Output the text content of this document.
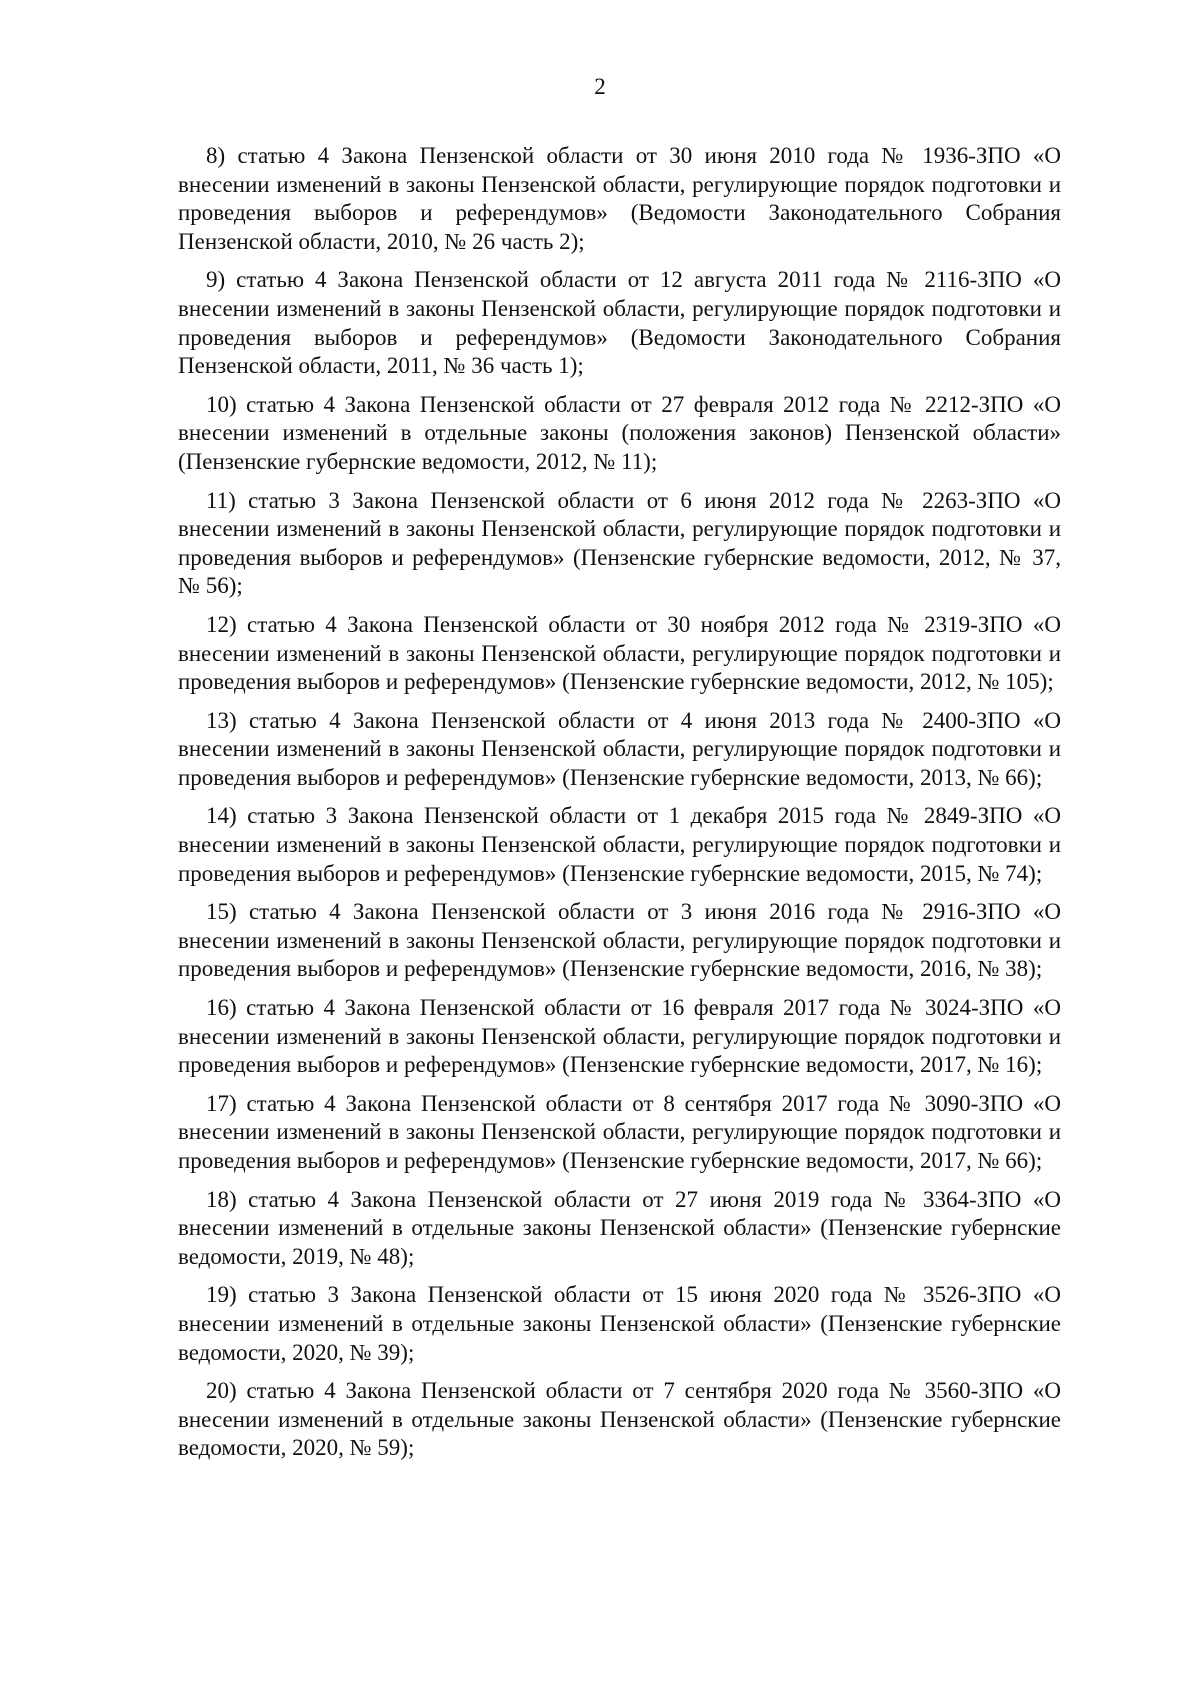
2

8) статью 4 Закона Пензенской области от 30 июня 2010 года № 1936-ЗПО «О внесении изменений в законы Пензенской области, регулирующие порядок подготовки и проведения выборов и референдумов» (Ведомости Законодательного Собрания Пензенской области, 2010, № 26 часть 2);

9) статью 4 Закона Пензенской области от 12 августа 2011 года № 2116-ЗПО «О внесении изменений в законы Пензенской области, регулирующие порядок подготовки и проведения выборов и референдумов» (Ведомости Законодательного Собрания Пензенской области, 2011, № 36 часть 1);

10) статью 4 Закона Пензенской области от 27 февраля 2012 года № 2212-ЗПО «О внесении изменений в отдельные законы (положения законов) Пензенской области» (Пензенские губернские ведомости, 2012, № 11);

11) статью 3 Закона Пензенской области от 6 июня 2012 года № 2263-ЗПО «О внесении изменений в законы Пензенской области, регулирующие порядок подготовки и проведения выборов и референдумов» (Пензенские губернские ведомости, 2012, № 37, № 56);

12) статью 4 Закона Пензенской области от 30 ноября 2012 года № 2319-ЗПО «О внесении изменений в законы Пензенской области, регулирующие порядок подготовки и проведения выборов и референдумов» (Пензенские губернские ведомости, 2012, № 105);

13) статью 4 Закона Пензенской области от 4 июня 2013 года № 2400-ЗПО «О внесении изменений в законы Пензенской области, регулирующие порядок подготовки и проведения выборов и референдумов» (Пензенские губернские ведомости, 2013, № 66);

14) статью 3 Закона Пензенской области от 1 декабря 2015 года № 2849-ЗПО «О внесении изменений в законы Пензенской области, регулирующие порядок подготовки и проведения выборов и референдумов» (Пензенские губернские ведомости, 2015, № 74);

15) статью 4 Закона Пензенской области от 3 июня 2016 года № 2916-ЗПО «О внесении изменений в законы Пензенской области, регулирующие порядок подготовки и проведения выборов и референдумов» (Пензенские губернские ведомости, 2016, № 38);

16) статью 4 Закона Пензенской области от 16 февраля 2017 года № 3024-ЗПО «О внесении изменений в законы Пензенской области, регулирующие порядок подготовки и проведения выборов и референдумов» (Пензенские губернские ведомости, 2017, № 16);

17) статью 4 Закона Пензенской области от 8 сентября 2017 года № 3090-ЗПО «О внесении изменений в законы Пензенской области, регулирующие порядок подготовки и проведения выборов и референдумов» (Пензенские губернские ведомости, 2017, № 66);

18) статью 4 Закона Пензенской области от 27 июня 2019 года № 3364-ЗПО «О внесении изменений в отдельные законы Пензенской области» (Пензенские губернские ведомости, 2019, № 48);

19) статью 3 Закона Пензенской области от 15 июня 2020 года № 3526-ЗПО «О внесении изменений в отдельные законы Пензенской области» (Пензенские губернские ведомости, 2020, № 39);

20) статью 4 Закона Пензенской области от 7 сентября 2020 года № 3560-ЗПО «О внесении изменений в отдельные законы Пензенской области» (Пензенские губернские ведомости, 2020, № 59);
